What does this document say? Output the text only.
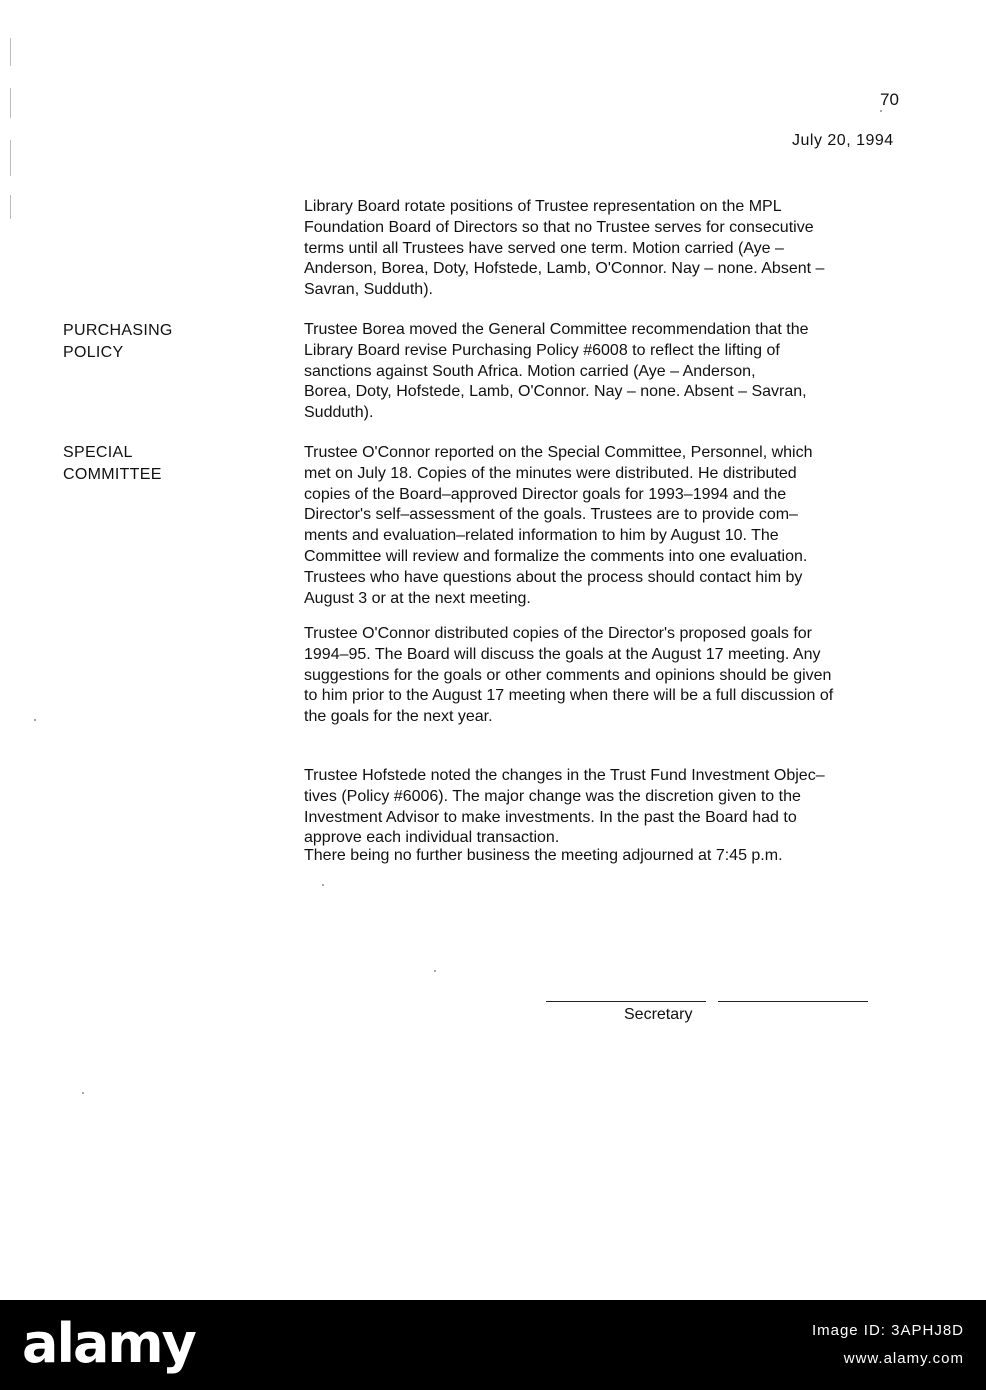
70
July 20, 1994

Library Board rotate positions of Trustee representation on the MPL
Foundation Board of Directors so that no Trustee serves for consecutive
terms until all Trustees have served one term. Motion carried (Aye –
Anderson, Borea, Doty, Hofstede, Lamb, O'Connor. Nay – none. Absent –
Savran, Sudduth).

PURCHASING
POLICY

Trustee Borea moved the General Committee recommendation that the
Library Board revise Purchasing Policy #6008 to reflect the lifting of
sanctions against South Africa. Motion carried (Aye – Anderson,
Borea, Doty, Hofstede, Lamb, O'Connor. Nay – none. Absent – Savran,
Sudduth).

SPECIAL
COMMITTEE

Trustee O'Connor reported on the Special Committee, Personnel, which
met on July 18. Copies of the minutes were distributed. He distributed
copies of the Board–approved Director goals for 1993–1994 and the
Director's self–assessment of the goals. Trustees are to provide com–
ments and evaluation–related information to him by August 10. The
Committee will review and formalize the comments into one evaluation.
Trustees who have questions about the process should contact him by
August 3 or at the next meeting.

Trustee O'Connor distributed copies of the Director's proposed goals for
1994–95. The Board will discuss the goals at the August 17 meeting. Any
suggestions for the goals or other comments and opinions should be given
to him prior to the August 17 meeting when there will be a full discussion of
the goals for the next year.

Trustee Hofstede noted the changes in the Trust Fund Investment Objec–
tives (Policy #6006). The major change was the discretion given to the
Investment Advisor to make investments. In the past the Board had to
approve each individual transaction.

There being no further business the meeting adjourned at 7:45 p.m.

Secretary
alamy	Image ID: 3APHJ8D
www.alamy.com
